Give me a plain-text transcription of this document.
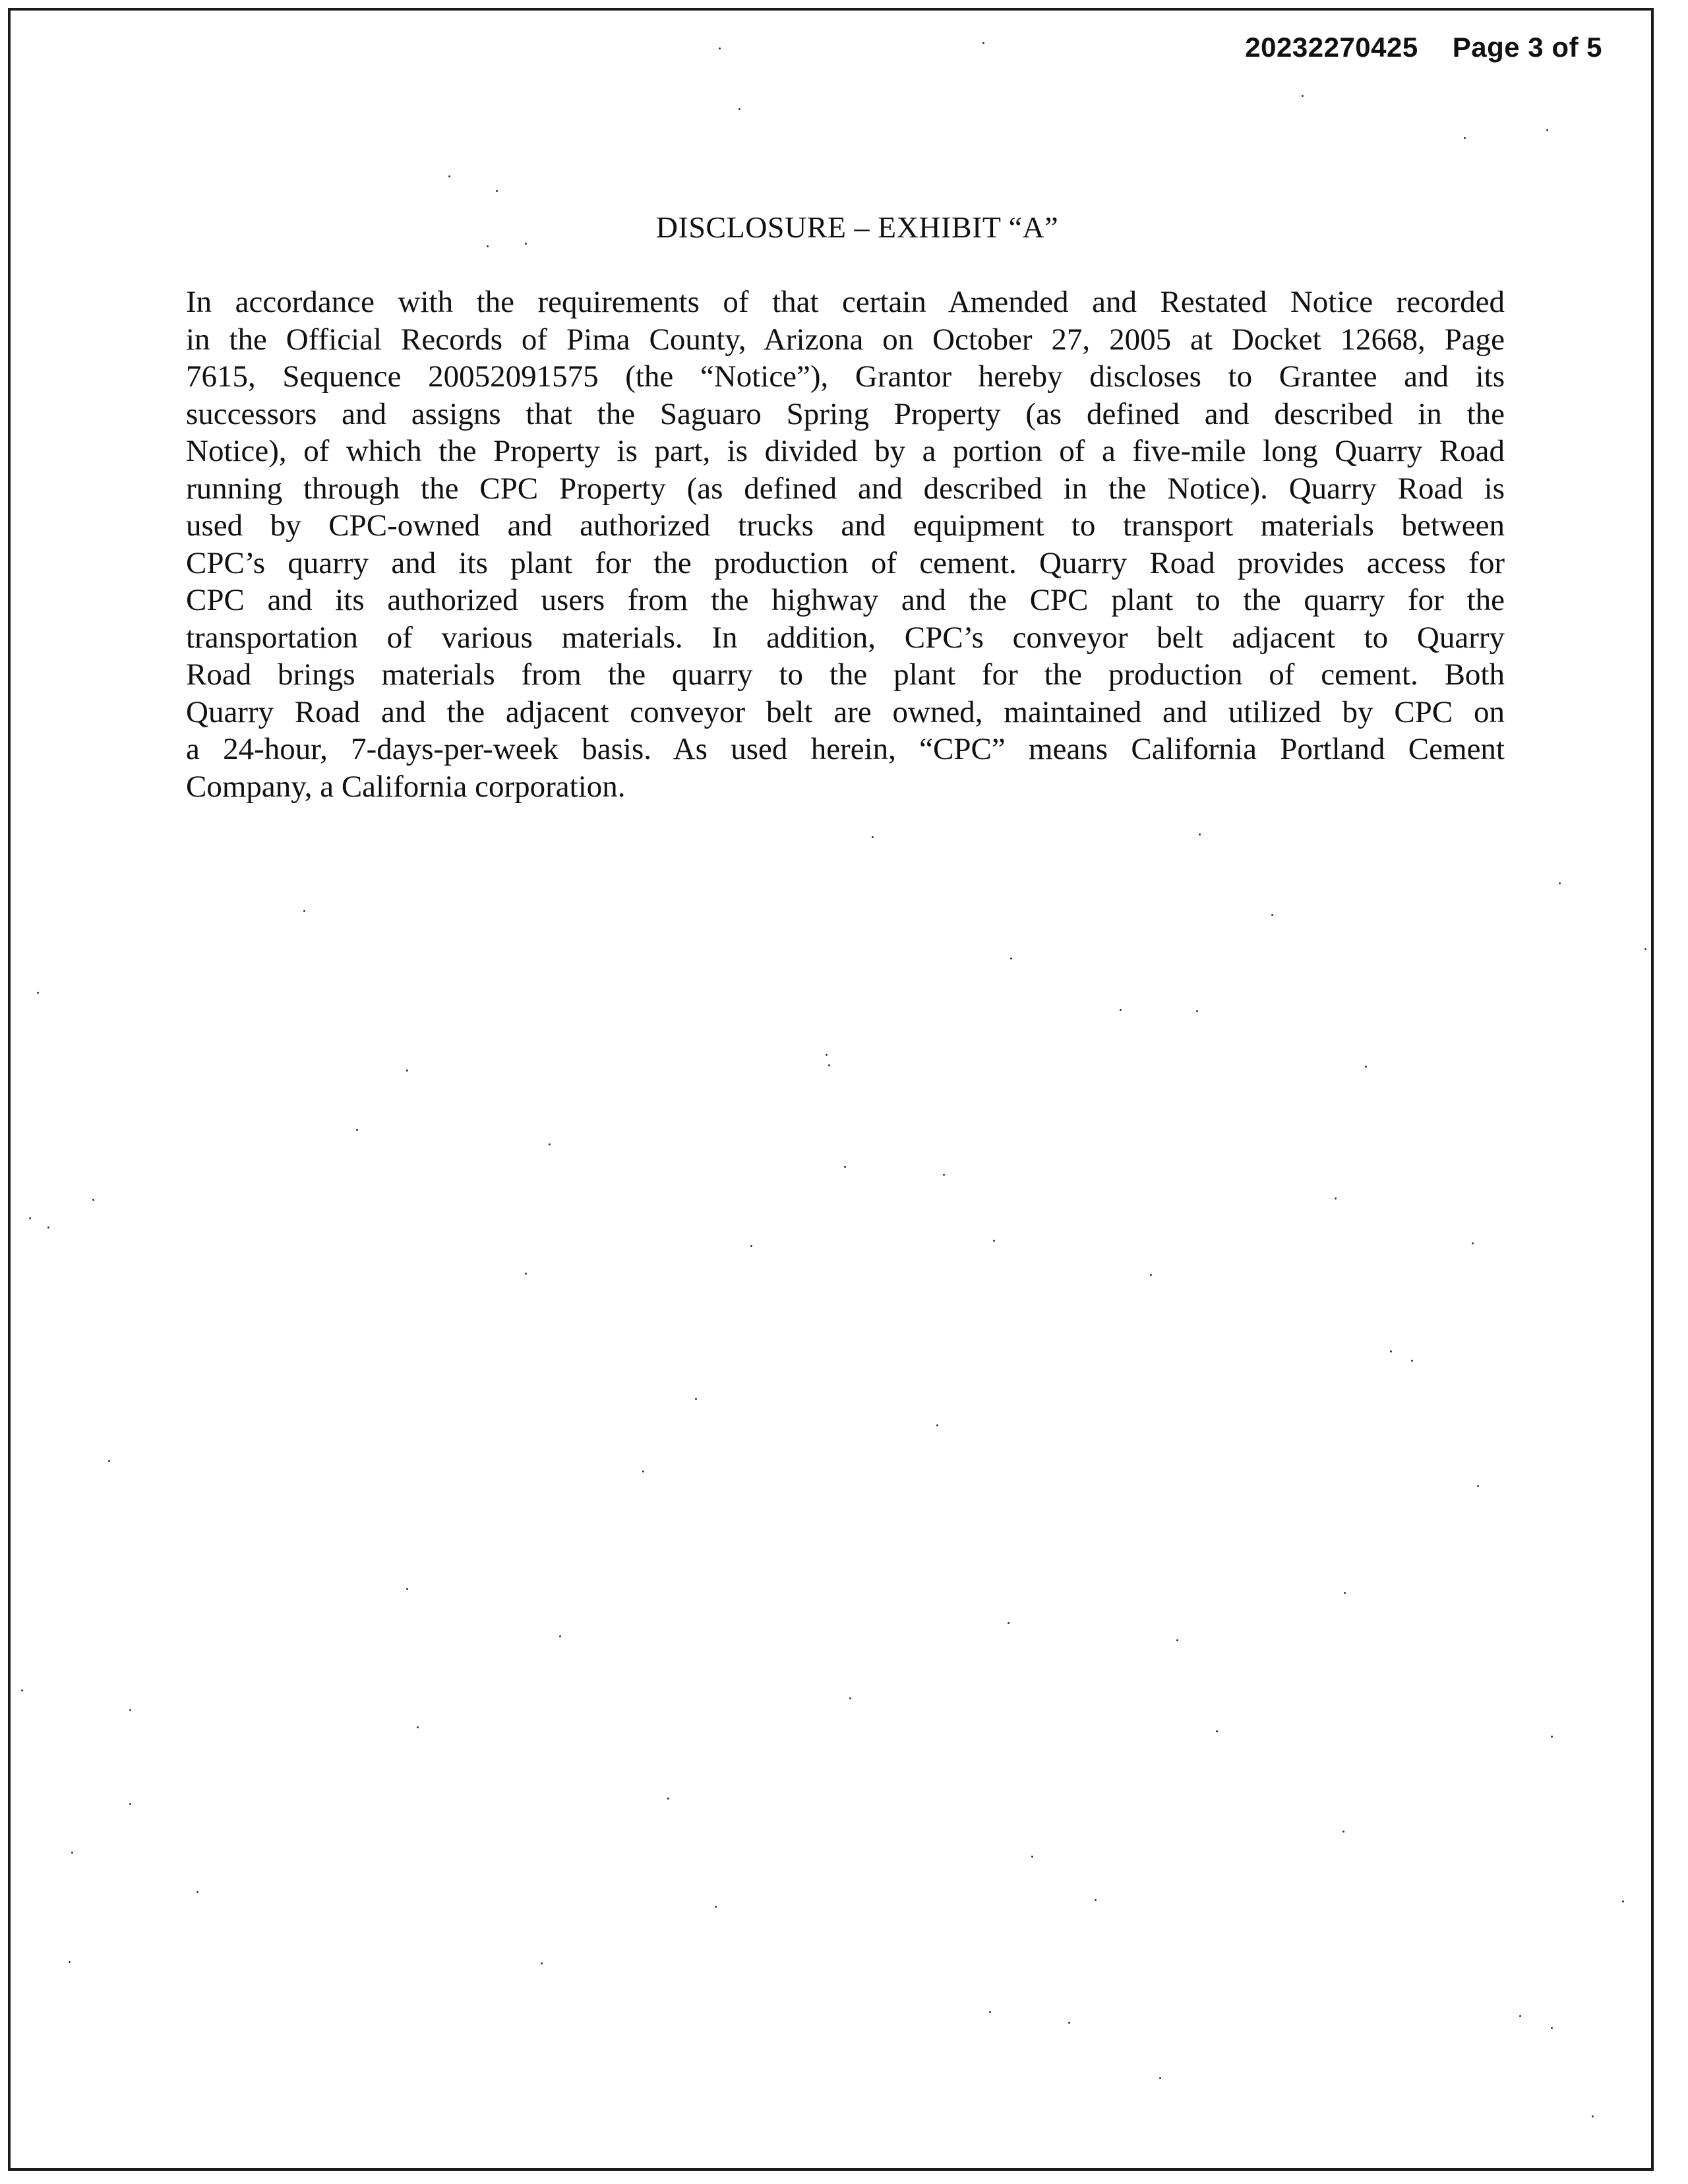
20232270425 Page 3 of 5
DISCLOSURE – EXHIBIT “A”
In accordance with the requirements of that certain Amended and Restated Notice recorded
in the Official Records of Pima County, Arizona on October 27, 2005 at Docket 12668, Page
7615, Sequence 20052091575 (the “Notice”), Grantor hereby discloses to Grantee and its
successors and assigns that the Saguaro Spring Property (as defined and described in the
Notice), of which the Property is part, is divided by a portion of a five-mile long Quarry Road
running through the CPC Property (as defined and described in the Notice). Quarry Road is
used by CPC-owned and authorized trucks and equipment to transport materials between
CPC’s quarry and its plant for the production of cement. Quarry Road provides access for
CPC and its authorized users from the highway and the CPC plant to the quarry for the
transportation of various materials. In addition, CPC’s conveyor belt adjacent to Quarry
Road brings materials from the quarry to the plant for the production of cement. Both
Quarry Road and the adjacent conveyor belt are owned, maintained and utilized by CPC on
a 24-hour, 7-days-per-week basis. As used herein, “CPC” means California Portland Cement
Company, a California corporation.
